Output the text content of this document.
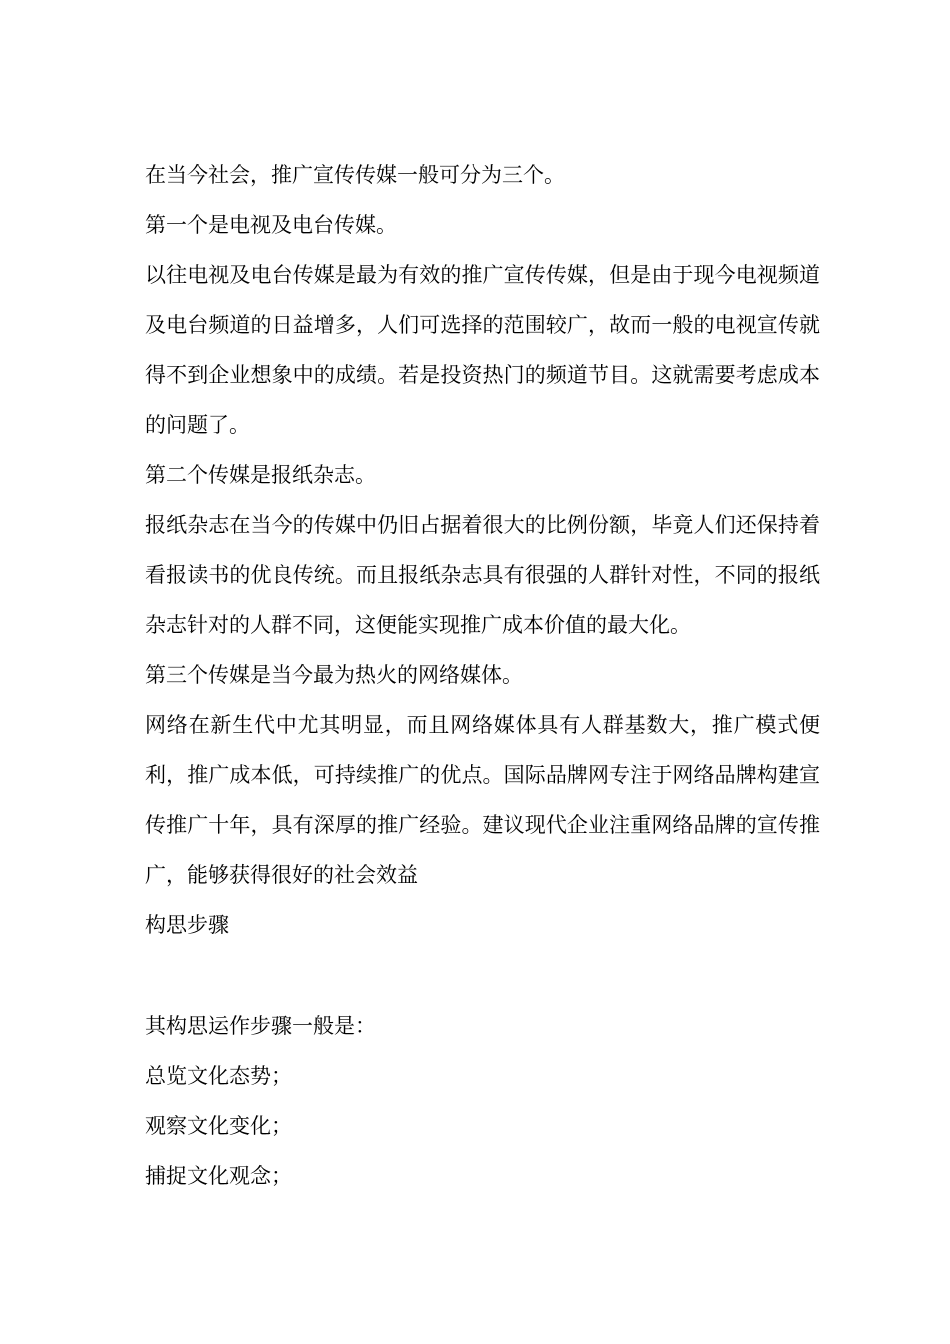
在当今社会，推广宣传传媒一般可分为三个。

第一个是电视及电台传媒。

以往电视及电台传媒是最为有效的推广宣传传媒，但是由于现今电视频道及电台频道的日益增多，人们可选择的范围较广，故而一般的电视宣传就得不到企业想象中的成绩。若是投资热门的频道节目。这就需要考虑成本的问题了。

第二个传媒是报纸杂志。

报纸杂志在当今的传媒中仍旧占据着很大的比例份额，毕竟人们还保持着看报读书的优良传统。而且报纸杂志具有很强的人群针对性，不同的报纸杂志针对的人群不同，这便能实现推广成本价值的最大化。

第三个传媒是当今最为热火的网络媒体。

网络在新生代中尤其明显，而且网络媒体具有人群基数大，推广模式便利，推广成本低，可持续推广的优点。国际品牌网专注于网络品牌构建宣传推广十年，具有深厚的推广经验。建议现代企业注重网络品牌的宣传推广，能够获得很好的社会效益

构思步骤

其构思运作步骤一般是：

总览文化态势；

观察文化变化；

捕捉文化观念；
